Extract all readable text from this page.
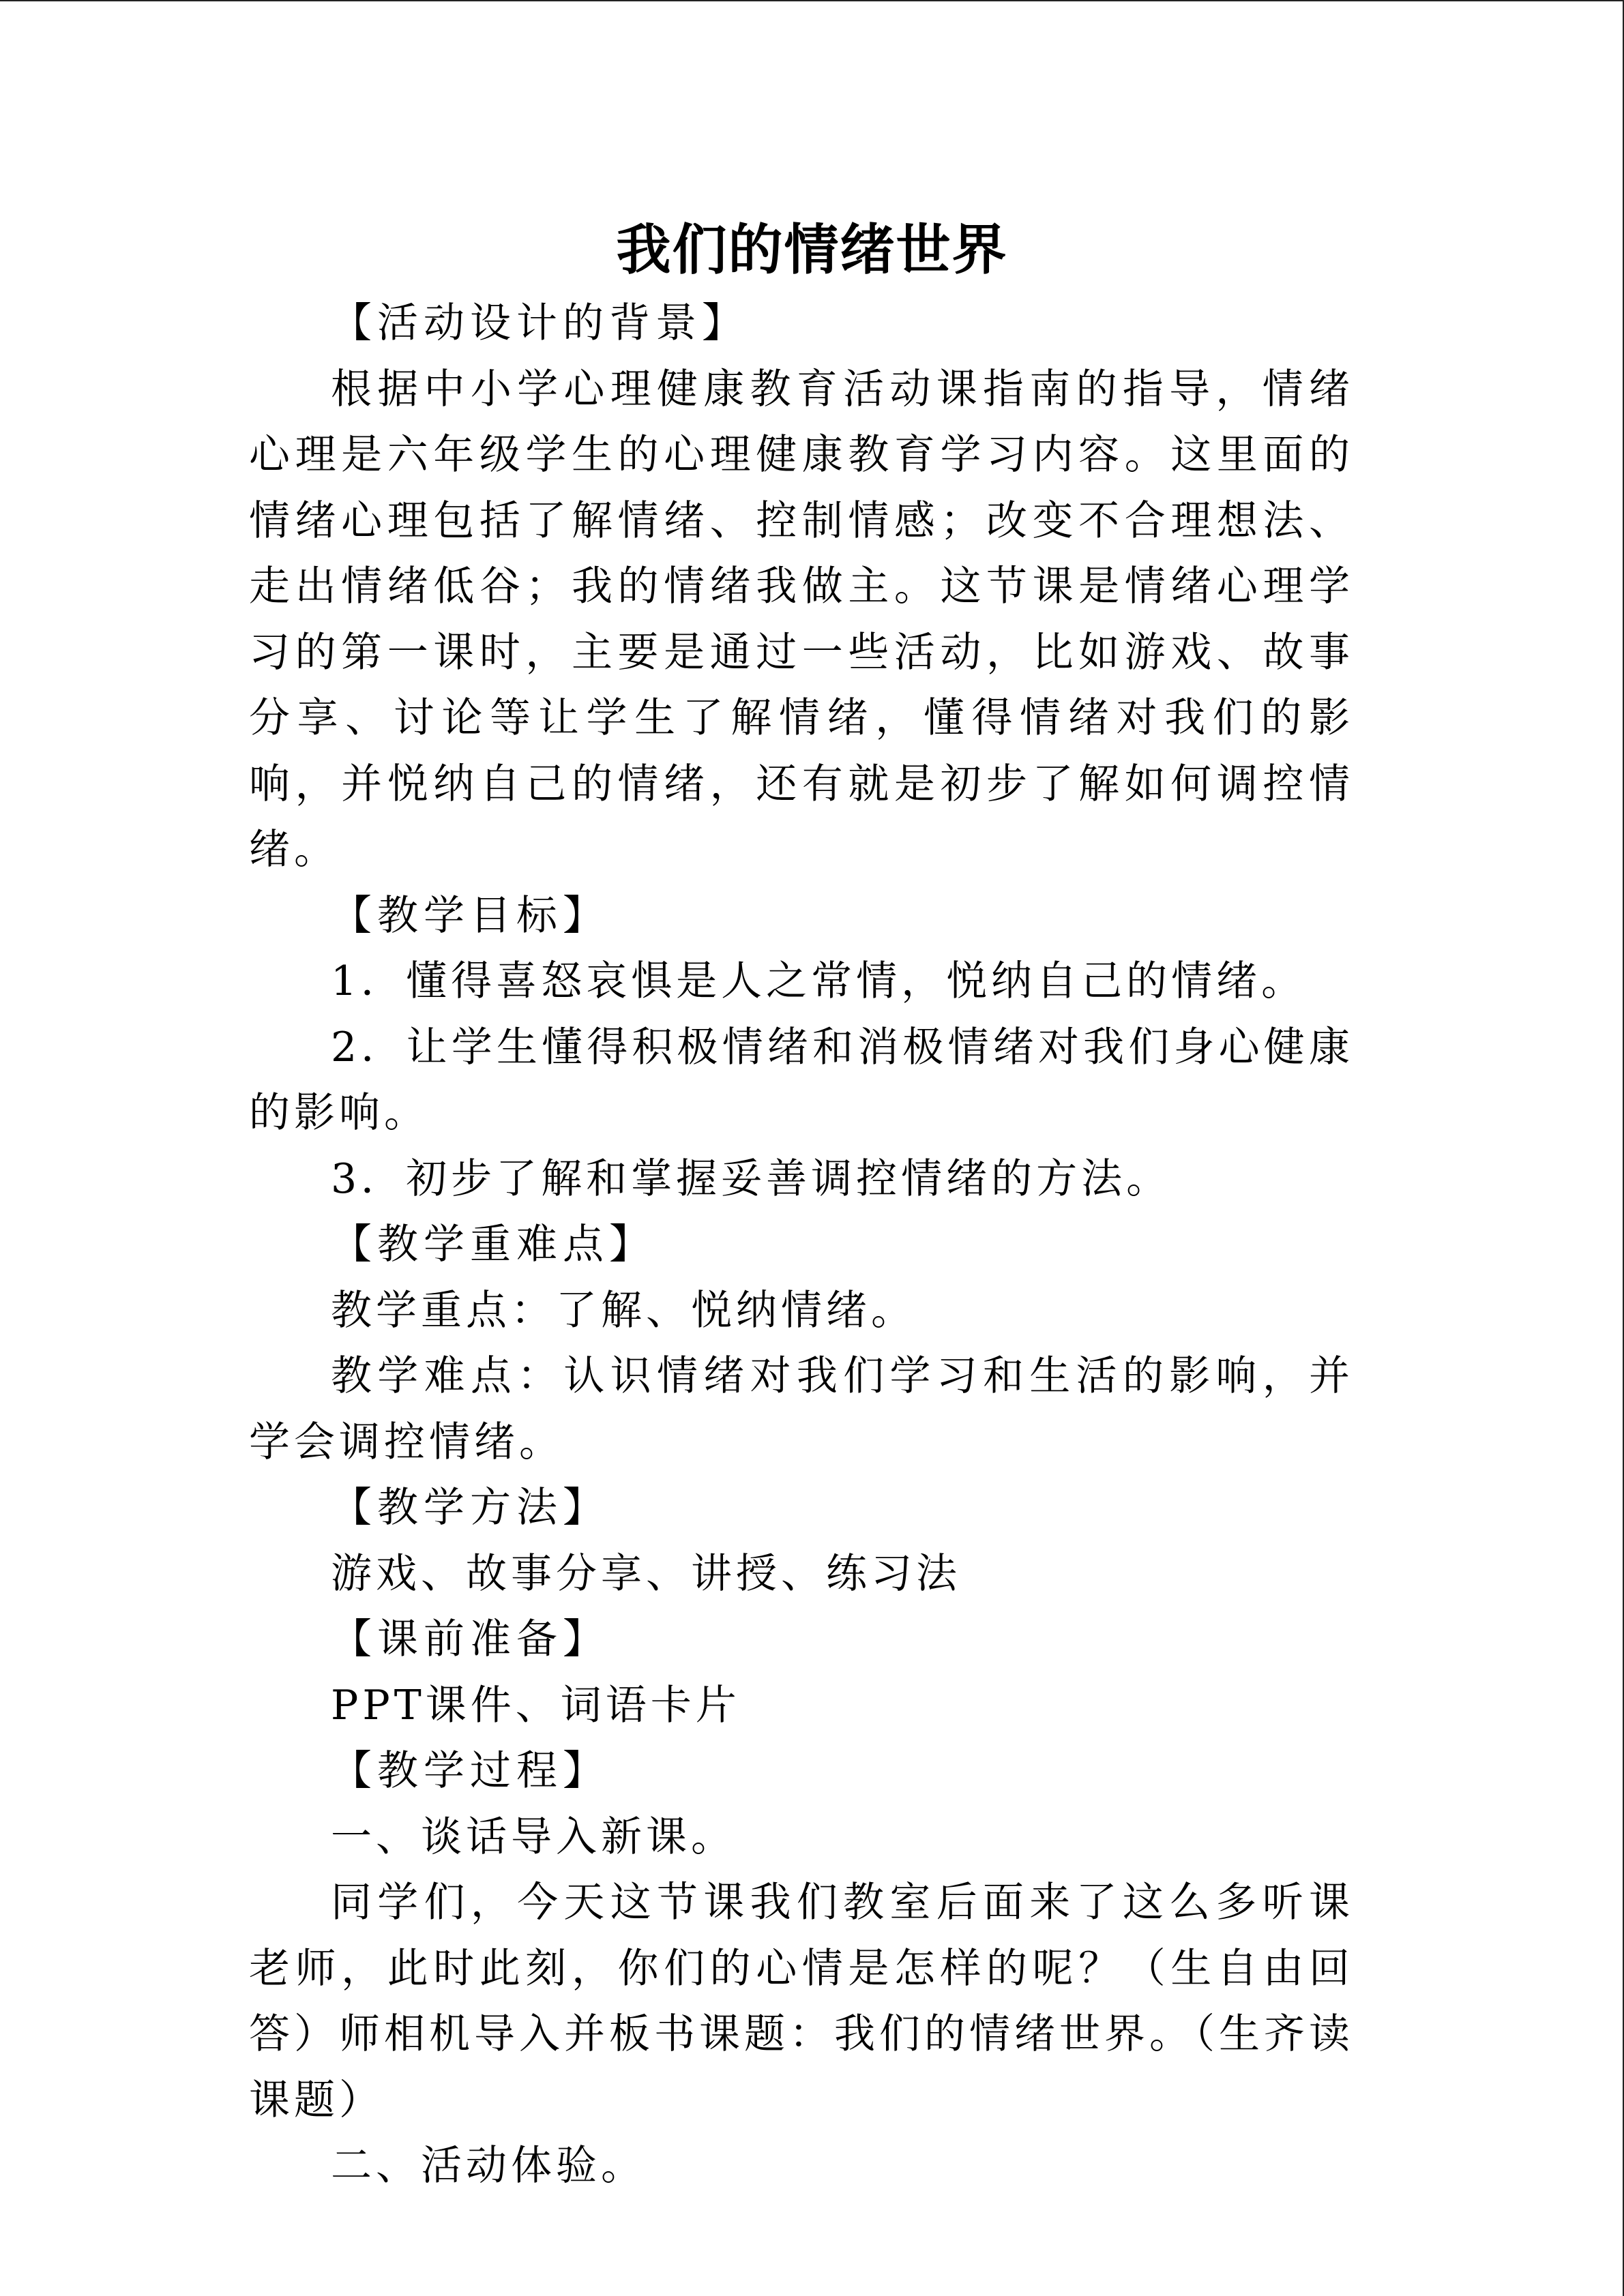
我们的情绪世界

【活动设计的背景】

根据中小学心理健康教育活动课指南的指导，情绪心理是六年级学生的心理健康教育学习内容。这里面的情绪心理包括了解情绪、控制情感；改变不合理想法、走出情绪低谷；我的情绪我做主。这节课是情绪心理学习的第一课时，主要是通过一些活动，比如游戏、故事分享、讨论等让学生了解情绪，懂得情绪对我们的影响，并悦纳自己的情绪，还有就是初步了解如何调控情绪。

【教学目标】

1．懂得喜怒哀惧是人之常情，悦纳自己的情绪。

2．让学生懂得积极情绪和消极情绪对我们身心健康的影响。

3．初步了解和掌握妥善调控情绪的方法。

【教学重难点】

教学重点：了解、悦纳情绪。

教学难点：认识情绪对我们学习和生活的影响，并学会调控情绪。

【教学方法】

游戏、故事分享、讲授、练习法

【课前准备】

PPT课件、词语卡片

【教学过程】

一、谈话导入新课。

同学们，今天这节课我们教室后面来了这么多听课老师，此时此刻，你们的心情是怎样的呢？（生自由回答）师相机导入并板书课题：我们的情绪世界。（生齐读课题）

二、活动体验。
